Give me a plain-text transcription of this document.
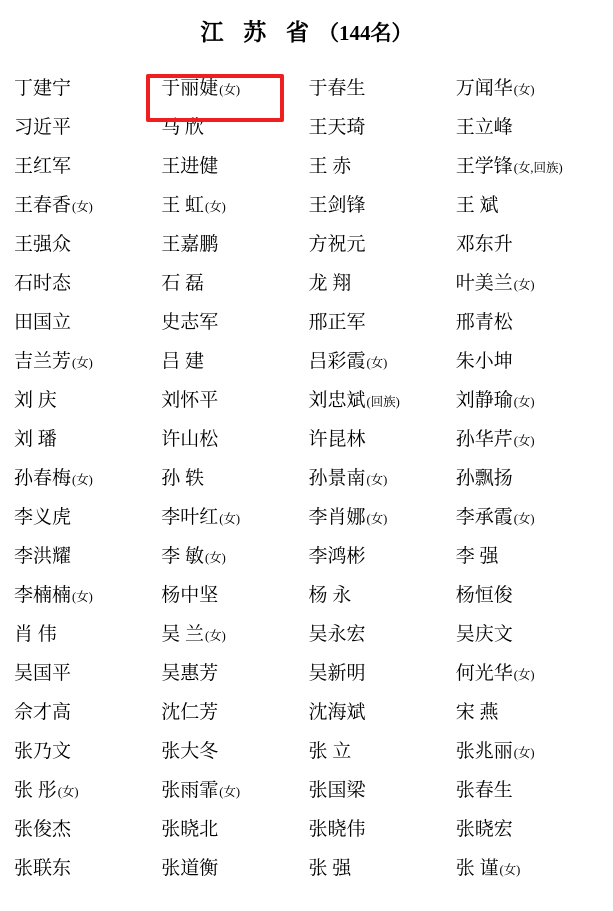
江 苏 省 （144名）
丁建宁	于丽婕 (女)	于春生	万闻华 (女)
习近平	马 欣	王天琦	王立峰
王红军	王进健	王 赤	王学锋 (女,回族)
王春香 (女)	王 虹 (女)	王剑锋	王 斌
王强众	王嘉鹏	方祝元	邓东升
石时态	石 磊	龙 翔	叶美兰 (女)
田国立	史志军	邢正军	邢青松
吉兰芳 (女)	吕 建	吕彩霞 (女)	朱小坤
刘 庆	刘怀平	刘忠斌 (回族)	刘静瑜 (女)
刘 璠	许山松	许昆林	孙华芹 (女)
孙春梅 (女)	孙 轶	孙景南 (女)	孙飘扬
李义虎	李叶红 (女)	李肖娜 (女)	李承霞 (女)
李洪耀	李 敏 (女)	李鸿彬	李 强
李楠楠 (女)	杨中坚	杨 永	杨恒俊
肖 伟	吴 兰 (女)	吴永宏	吴庆文
吴国平	吴惠芳	吴新明	何光华 (女)
佘才高	沈仁芳	沈海斌	宋 燕
张乃文	张大冬	张 立	张兆丽 (女)
张 彤 (女)	张雨霏 (女)	张国梁	张春生
张俊杰	张晓北	张晓伟	张晓宏
张联东	张道衡	张 强	张 谨 (女)
